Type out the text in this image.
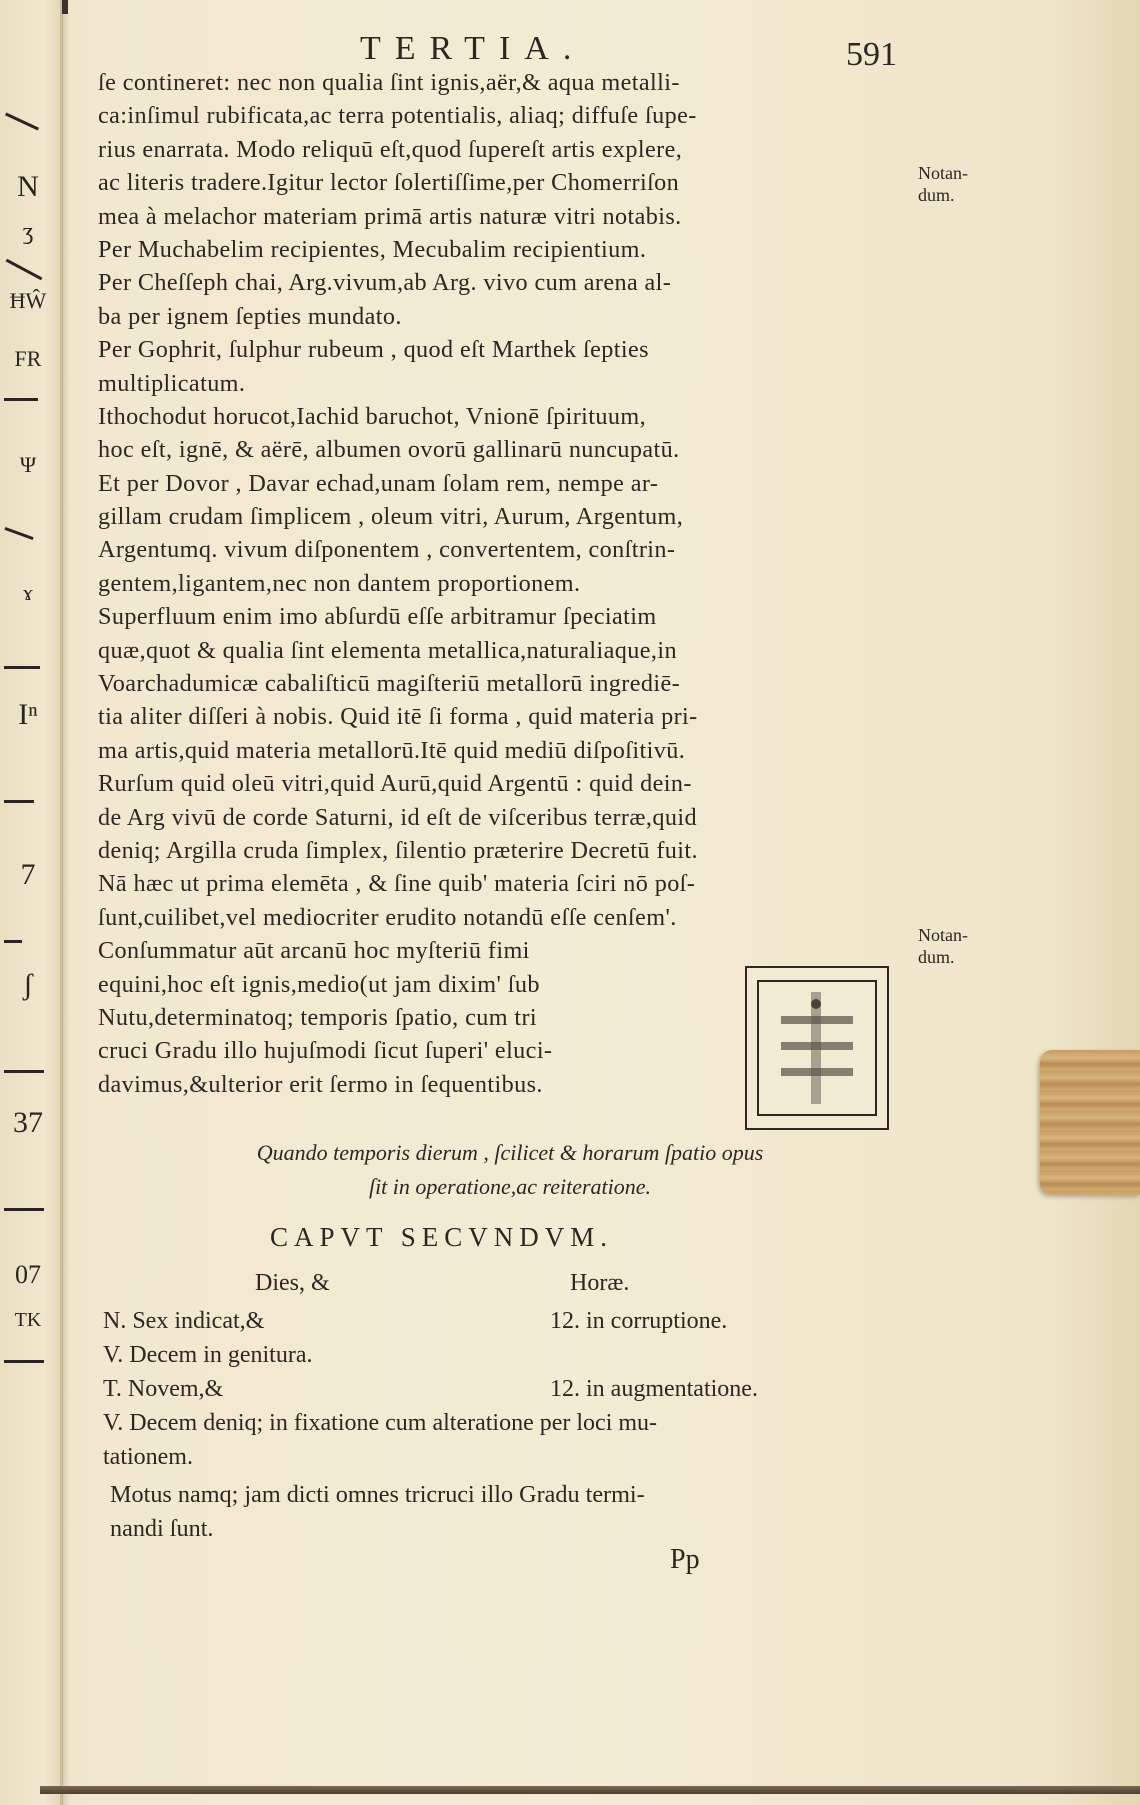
N
ʒ
ĦŴ
FR
Ψ
ɤ
Iⁿ
7
ʃ
37
07
TK
TERTIA.	591
ſe contineret: nec non qualia ſint ignis,aër,& aqua metalli-
ca:inſimul rubificata,ac terra potentialis, aliaq; diffuſe ſupe-
rius enarrata. Modo reliquū eſt,quod ſupereſt artis explere,
ac literis tradere.Igitur lector ſolertiſſime,per Chomerriſon
mea à melachor materiam primā artis naturæ vitri notabis.
Per Muchabelim recipientes, Mecubalim recipientium.
Per Cheſſeph chai, Arg.vivum,ab Arg. vivo cum arena al-
ba per ignem ſepties mundato.
Per Gophrit, ſulphur rubeum , quod eſt Marthek ſepties
multiplicatum.
Ithochodut horucot,Iachid baruchot, Vnionē ſpirituum,
hoc eſt, ignē, & aërē, albumen ovorū gallinarū nuncupatū.
Et per Dovor , Davar echad,unam ſolam rem, nempe ar-
gillam crudam ſimplicem , oleum vitri, Aurum, Argentum,
Argentumq. vivum diſponentem , convertentem, conſtrin-
gentem,ligantem,nec non dantem proportionem.
Superfluum enim imo abſurdū eſſe arbitramur ſpeciatim
quæ,quot & qualia ſint elementa metallica,naturaliaque,in
Voarchadumicæ cabaliſticū magiſteriū metallorū ingrediē-
tia aliter diſſeri à nobis. Quid itē ſi forma , quid materia pri-
ma artis,quid materia metallorū.Itē quid mediū diſpoſitivū.
Rurſum quid oleū vitri,quid Aurū,quid Argentū : quid dein-
de Arg vivū de corde Saturni, id eſt de viſceribus terræ,quid
deniq; Argilla cruda ſimplex, ſilentio præterire Decretū fuit.
Nā hæc ut prima elemēta , & ſine quib' materia ſciri nō poſ-
ſunt,cuilibet,vel mediocriter erudito notandū eſſe cenſem'.
Conſummatur aūt arcanū hoc myſteriū fimi
equini,hoc eſt ignis,medio(ut jam dixim' ſub
Nutu,determinatoq; temporis ſpatio, cum tri
cruci Gradu illo hujuſmodi ſicut ſuperi' eluci-
davimus,&ulterior erit ſermo in ſequentibus.
Notan-dum.
Notan-dum.
Quando temporis dierum , ſcilicet & horarum ſpatio opus
ſit in operatione,ac reiteratione.
CAPVT SECVNDVM.
Dies, &	Horæ.
N. Sex indicat,&	12. in corruptione.
V. Decem in genitura.
T. Novem,&	12. in augmentatione.
V. Decem deniq; in fixatione cum alteratione per loci mu-
tationem.
Motus namq; jam dicti omnes tricruci illo Gradu termi-
nandi ſunt.
Pp
